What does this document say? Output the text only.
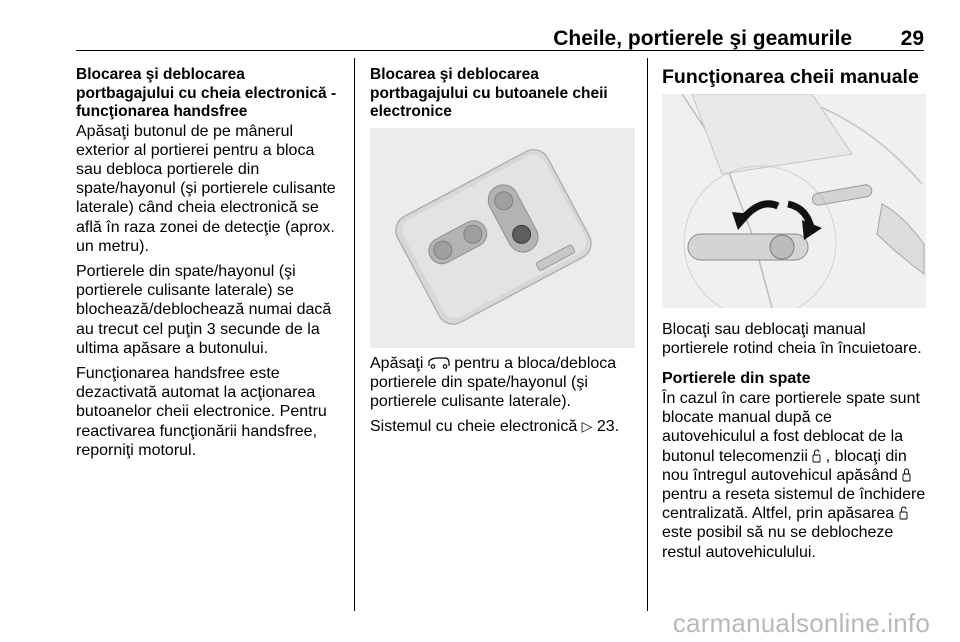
Cheile, portierele şi geamurile 29
Blocarea şi deblocarea portbagajului cu cheia electronică - funcţionarea handsfree

Apăsaţi butonul de pe mânerul exterior al portierei pentru a bloca sau debloca portierele din spate/hayonul (şi portierele culisante laterale) când cheia electronică se află în raza zonei de detecţie (aprox. un metru).

Portierele din spate/hayonul (şi portierele culisante laterale) se blochează/deblochează numai dacă au trecut cel puţin 3 secunde de la ultima apăsare a butonului.

Funcţionarea handsfree este dezactivată automat la acţionarea butoanelor cheii electronice. Pentru reactivarea funcţionării handsfree, reporniţi motorul.

Blocarea şi deblocarea portbagajului cu butoanele cheii electronice

Apăsaţi pentru a bloca/debloca portierele din spate/hayonul (şi portierele culisante laterale).

Sistemul cu cheie electronică ▷ 23.

Funcţionarea cheii manuale

Blocaţi sau deblocaţi manual portierele rotind cheia în încuietoare.

Portierele din spate

În cazul în care portierele spate sunt blocate manual după ce autovehiculul a fost deblocat de la butonul telecomenzii , blocaţi din nou întregul autovehicul apăsând  pentru a reseta sistemul de închidere centralizată. Altfel, prin apăsarea  este posibil să nu se deblocheze restul autovehiculului.

carmanualsonline.info
